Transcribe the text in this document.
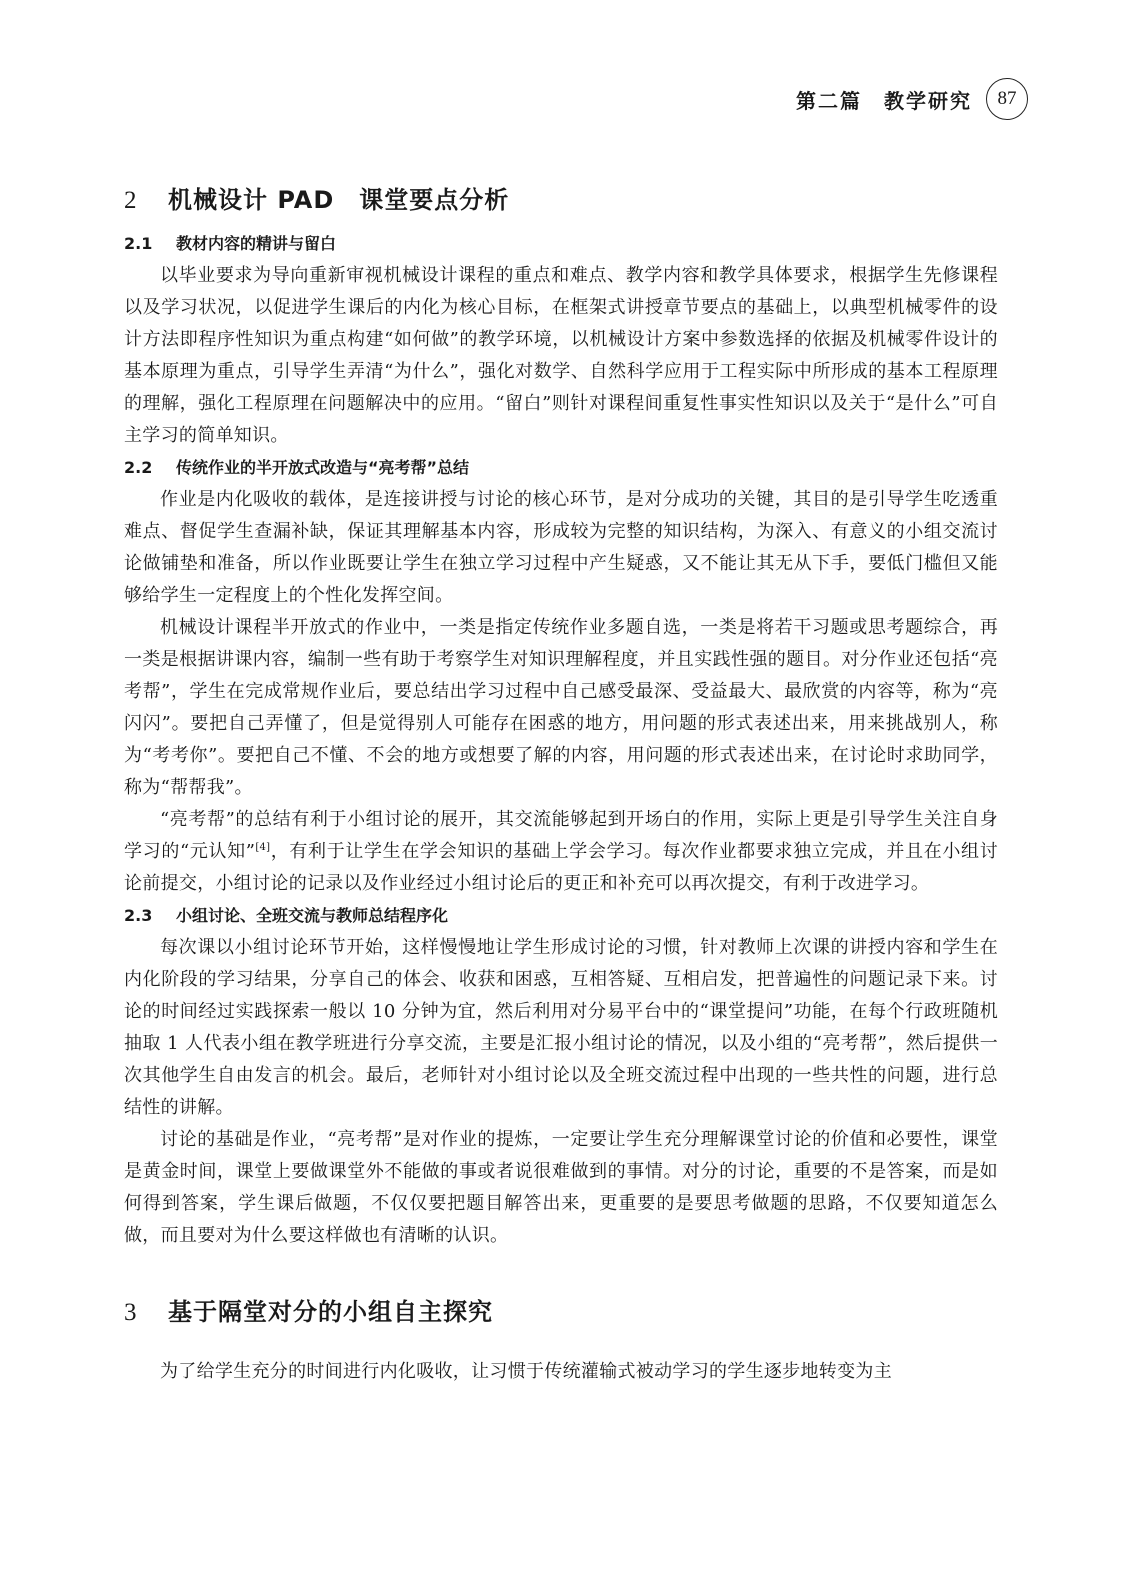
第二篇　教学研究	87
2	机械设计 PAD　课堂要点分析
2.1	教材内容的精讲与留白

以毕业要求为导向重新审视机械设计课程的重点和难点、教学内容和教学具体要求，根据学生先修课程以及学习状况，以促进学生课后的内化为核心目标，在框架式讲授章节要点的基础上，以典型机械零件的设计方法即程序性知识为重点构建“如何做”的教学环境，以机械设计方案中参数选择的依据及机械零件设计的基本原理为重点，引导学生弄清“为什么”，强化对数学、自然科学应用于工程实际中所形成的基本工程原理的理解，强化工程原理在问题解决中的应用。“留白”则针对课程间重复性事实性知识以及关于“是什么”可自主学习的简单知识。

2.2	传统作业的半开放式改造与“亮考帮”总结

作业是内化吸收的载体，是连接讲授与讨论的核心环节，是对分成功的关键，其目的是引导学生吃透重难点、督促学生查漏补缺，保证其理解基本内容，形成较为完整的知识结构，为深入、有意义的小组交流讨论做铺垫和准备，所以作业既要让学生在独立学习过程中产生疑惑，又不能让其无从下手，要低门槛但又能够给学生一定程度上的个性化发挥空间。

机械设计课程半开放式的作业中，一类是指定传统作业多题自选，一类是将若干习题或思考题综合，再一类是根据讲课内容，编制一些有助于考察学生对知识理解程度，并且实践性强的题目。对分作业还包括“亮考帮”，学生在完成常规作业后，要总结出学习过程中自己感受最深、受益最大、最欣赏的内容等，称为“亮闪闪”。要把自己弄懂了，但是觉得别人可能存在困惑的地方，用问题的形式表述出来，用来挑战别人，称为“考考你”。要把自己不懂、不会的地方或想要了解的内容，用问题的形式表述出来，在讨论时求助同学，称为“帮帮我”。

“亮考帮”的总结有利于小组讨论的展开，其交流能够起到开场白的作用，实际上更是引导学生关注自身学习的“元认知”[4]，有利于让学生在学会知识的基础上学会学习。每次作业都要求独立完成，并且在小组讨论前提交，小组讨论的记录以及作业经过小组讨论后的更正和补充可以再次提交，有利于改进学习。

2.3	小组讨论、全班交流与教师总结程序化

每次课以小组讨论环节开始，这样慢慢地让学生形成讨论的习惯，针对教师上次课的讲授内容和学生在内化阶段的学习结果，分享自己的体会、收获和困惑，互相答疑、互相启发，把普遍性的问题记录下来。讨论的时间经过实践探索一般以 10 分钟为宜，然后利用对分易平台中的“课堂提问”功能，在每个行政班随机抽取 1 人代表小组在教学班进行分享交流，主要是汇报小组讨论的情况，以及小组的“亮考帮”，然后提供一次其他学生自由发言的机会。最后，老师针对小组讨论以及全班交流过程中出现的一些共性的问题，进行总结性的讲解。

讨论的基础是作业，“亮考帮”是对作业的提炼，一定要让学生充分理解课堂讨论的价值和必要性，课堂是黄金时间，课堂上要做课堂外不能做的事或者说很难做到的事情。对分的讨论，重要的不是答案，而是如何得到答案，学生课后做题，不仅仅要把题目解答出来，更重要的是要思考做题的思路，不仅要知道怎么做，而且要对为什么要这样做也有清晰的认识。

3	基于隔堂对分的小组自主探究

为了给学生充分的时间进行内化吸收，让习惯于传统灌输式被动学习的学生逐步地转变为主
